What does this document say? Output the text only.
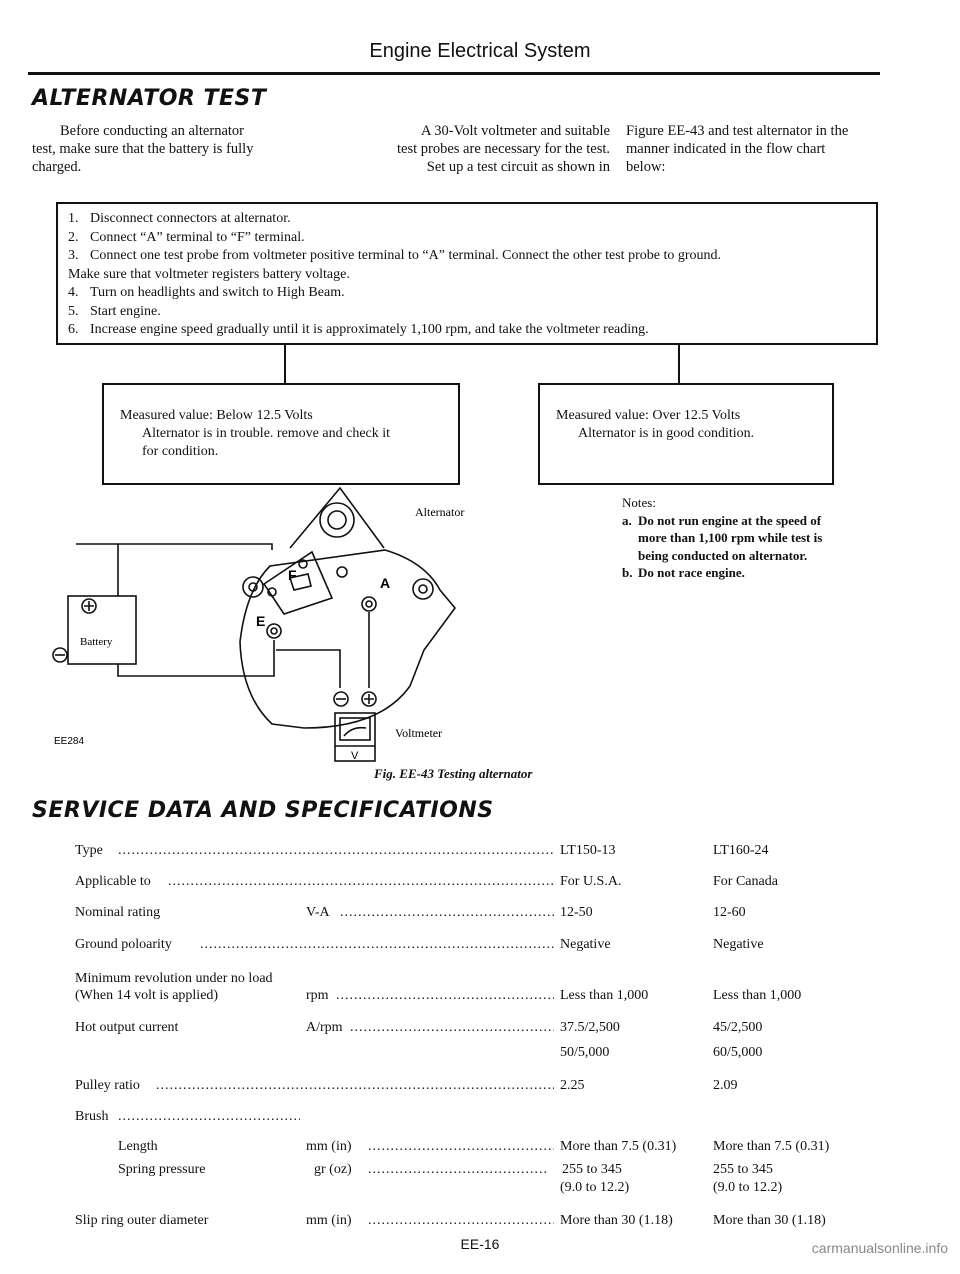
Engine Electrical System
ALTERNATOR TEST
Before conducting an alternator
test, make sure that the battery is fully
charged.
A 30-Volt voltmeter and suitable
test probes are necessary for the test.
Set up a test circuit as shown in
Figure EE-43 and test alternator in the
manner indicated in the flow chart
below:
1. Disconnect connectors at alternator.
2. Connect “A” terminal to “F” terminal.
3. Connect one test probe from voltmeter positive terminal to “A” terminal. Connect the other test probe to ground.
Make sure that voltmeter registers battery voltage.
4. Turn on headlights and switch to High Beam.
5. Start engine.
6. Increase engine speed gradually until it is approximately 1,100 rpm, and take the voltmeter reading.
Measured value: Below 12.5 Volts
Alternator is in trouble. remove and check it
for condition.
Measured value: Over 12.5 Volts
Alternator is in good condition.
F	A
E
Alternator
Battery
Voltmeter
V
EE284
Notes:
a. Do not run engine at the speed of
more than 1,100 rpm while test is
being conducted on alternator.
b. Do not race engine.
Fig. EE-43 Testing alternator
SERVICE DATA AND SPECIFICATIONS
Type .....	LT150-13	LT160-24
Applicable to .....	For U.S.A.	For Canada
Nominal rating	V-A .....	12-50	12-60
Ground poloarity .....	Negative	Negative
Minimum revolution under no load
(When 14 volt is applied)	rpm .....	Less than 1,000	Less than 1,000
Hot output current	A/rpm .....	37.5/2,500	45/2,500
50/5,000	60/5,000
Pulley ratio .....	2.25	2.09
Brush
.....
Length	mm (in) .....	More than 7.5 (0.31)	More than 7.5 (0.31)
Spring pressure	gr (oz) .....	255 to 345	255 to 345
(9.0 to 12.2)	(9.0 to 12.2)
Slip ring outer diameter	mm (in) .....	More than 30 (1.18)	More than 30 (1.18)
EE-16	carmanualsonline.info
